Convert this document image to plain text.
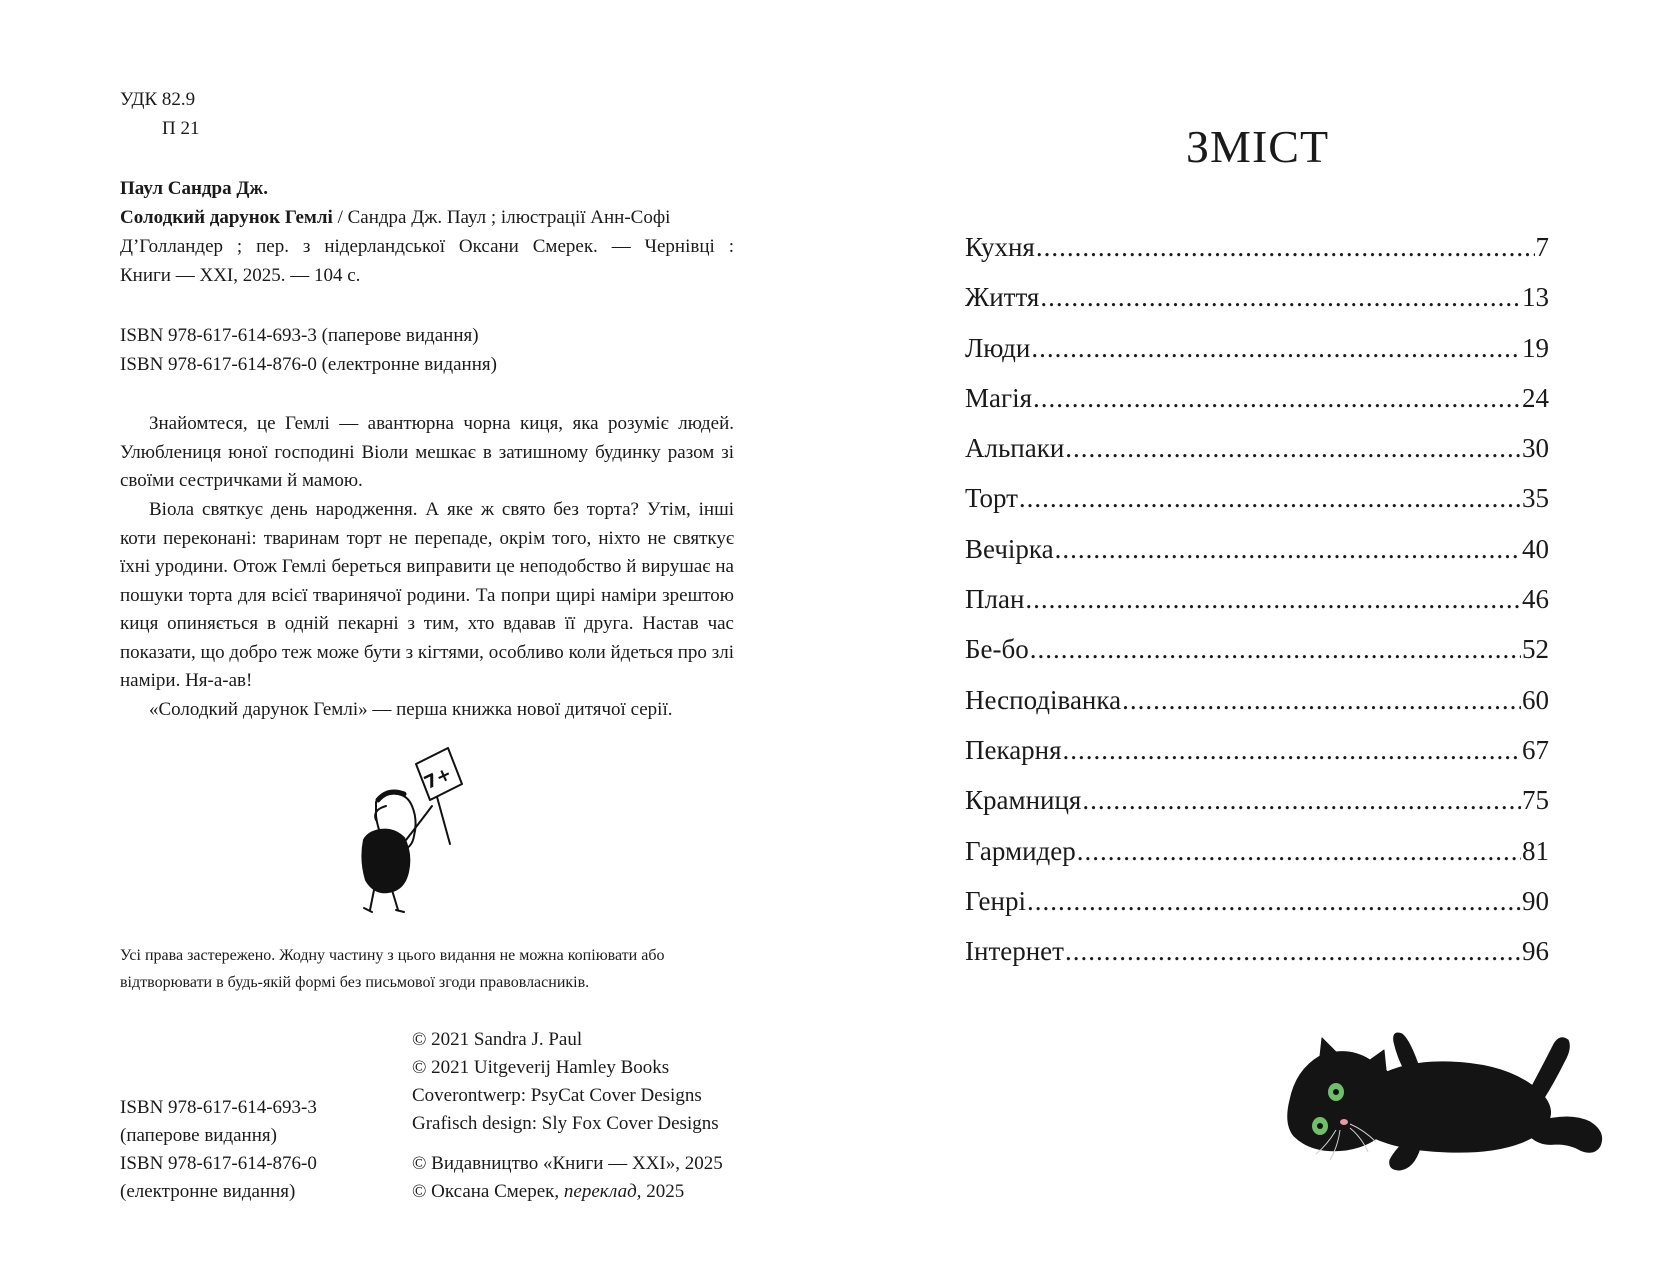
УДК 82.9

П 21

Паул Сандра Дж.

Солодкий дарунок Гемлі / Сандра Дж. Паул ; ілюстрації Анн-Софі

Д’Голландер ; пер. з нідерландської Оксани Смерек. — Чернівці :

Книги — ХХІ, 2025. — 104 с.

ISBN 978-617-614-693-3 (паперове видання)

ISBN 978-617-614-876-0 (електронне видання)

Знайомтеся, це Гемлі — авантюрна чорна киця, яка розуміє людей. Улюблениця юної господині Віоли мешкає в затишному будинку разом зі своїми сестричками й мамою.

Віола святкує день народження. А яке ж свято без торта? Утім, інші коти переконані: тваринам торт не перепаде, окрім того, ніхто не святкує їхні уродини. Отож Гемлі береться виправити це неподобство й вирушає на пошуки торта для всієї тваринячої родини. Та попри щирі наміри зрештою киця опиняється в одній пекарні з тим, хто вдавав її друга. Настав час показати, що добро теж може бути з кігтями, особливо коли йдеться про злі наміри. Ня-а-ав!

«Солодкий дарунок Гемлі» — перша книжка нової дитячої серії.

7+

Усі права застережено. Жодну частину з цього видання не можна копіювати або відтворювати в будь-якій формі без письмової згоди правовласників.

ISBN 978-617-614-693-3

(паперове видання)

ISBN 978-617-614-876-0

(електронне видання)

© 2021 Sandra J. Paul

© 2021 Uitgeverij Hamley Books

Coverontwerp: PsyCat Cover Designs

Grafisch design: Sly Fox Cover Designs

© Видавництво «Книги — ХХІ», 2025

© Оксана Смерек, переклад, 2025

ЗМІСТ
Кухня .....	7
Життя .....	13
Люди .....	19
Магія .....	24
Альпаки .....	30
Торт .....	35
Вечірка .....	40
План .....	46
Бе-бо .....	52
Несподіванка .....	60
Пекарня .....	67
Крамниця .....	75
Гармидер .....	81
Генрі .....	90
Інтернет .....	96
